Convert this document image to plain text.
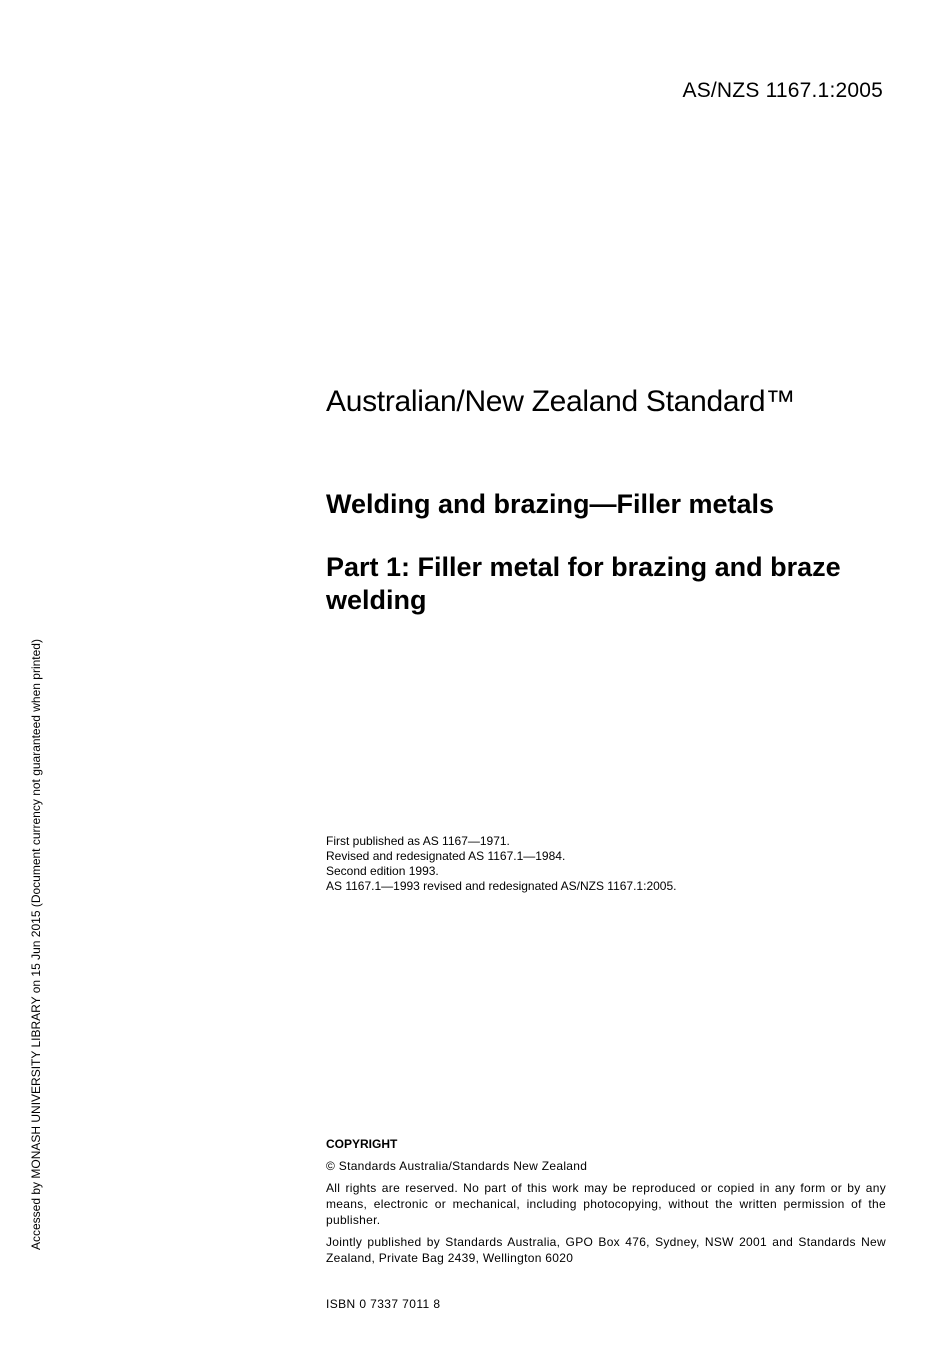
AS/NZS 1167.1:2005
Australian/New Zealand Standard™
Welding and brazing—Filler metals
Part 1: Filler metal for brazing and braze welding
First published as AS 1167—1971.
Revised and redesignated AS 1167.1—1984.
Second edition 1993.
AS 1167.1—1993 revised and redesignated AS/NZS 1167.1:2005.
COPYRIGHT

© Standards Australia/Standards New Zealand

All rights are reserved. No part of this work may be reproduced or copied in any form or by any means, electronic or mechanical, including photocopying, without the written permission of the publisher.

Jointly published by Standards Australia, GPO Box 476, Sydney, NSW 2001 and Standards New Zealand, Private Bag 2439, Wellington 6020

ISBN 0 7337 7011 8
Accessed by MONASH UNIVERSITY LIBRARY on 15 Jun 2015 (Document currency not guaranteed when printed)
